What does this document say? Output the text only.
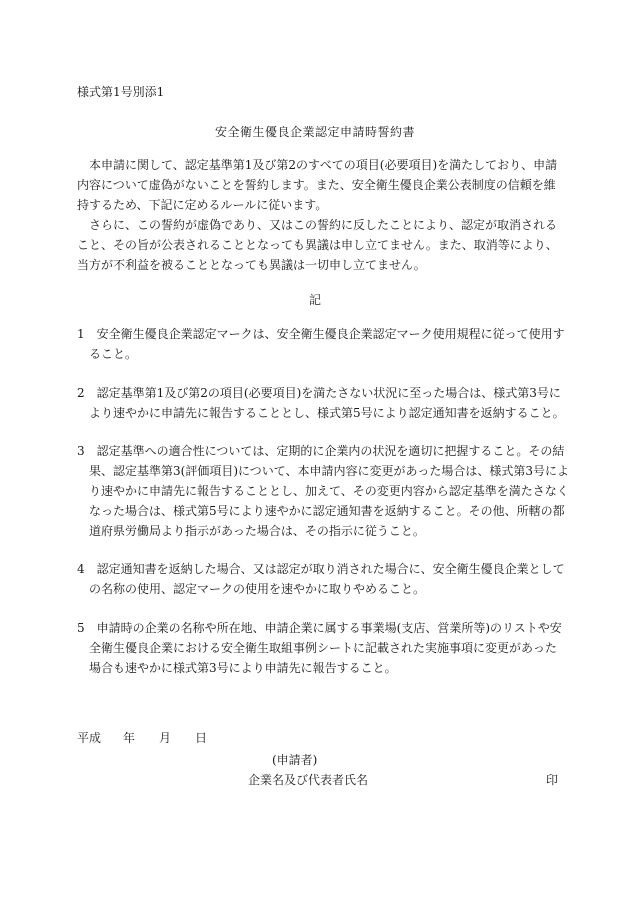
様式第1号別添1
安全衛生優良企業認定申請時誓約書
　本申請に関して、認定基準第1及び第2のすべての項目(必要項目)を満たしており、申請
内容について虚偽がないことを誓約します。また、安全衛生優良企業公表制度の信頼を維
持するため、下記に定めるルールに従います。
　さらに、この誓約が虚偽であり、又はこの誓約に反したことにより、認定が取消される
こと、その旨が公表されることとなっても異議は申し立てません。また、取消等により、
当方が不利益を被ることとなっても異議は一切申し立てません。
記
1　安全衛生優良企業認定マークは、安全衛生優良企業認定マーク使用規程に従って使用す
　ること。
2　認定基準第1及び第2の項目(必要項目)を満たさない状況に至った場合は、様式第3号に
　より速やかに申請先に報告することとし、様式第5号により認定通知書を返納すること。
3　認定基準への適合性については、定期的に企業内の状況を適切に把握すること。その結
　果、認定基準第3(評価項目)について、本申請内容に変更があった場合は、様式第3号によ
　り速やかに申請先に報告することとし、加えて、その変更内容から認定基準を満たさなく
　なった場合は、様式第5号により速やかに認定通知書を返納すること。その他、所轄の都
　道府県労働局より指示があった場合は、その指示に従うこと。
4　認定通知書を返納した場合、又は認定が取り消された場合に、安全衛生優良企業として
　の名称の使用、認定マークの使用を速やかに取りやめること。
5　申請時の企業の名称や所在地、申請企業に属する事業場(支店、営業所等)のリストや安
　全衛生優良企業における安全衛生取組事例シートに記載された実施事項に変更があった
　場合も速やかに様式第3号により申請先に報告すること。
平成 年 月 日
(申請者)
企業名及び代表者氏名	印
